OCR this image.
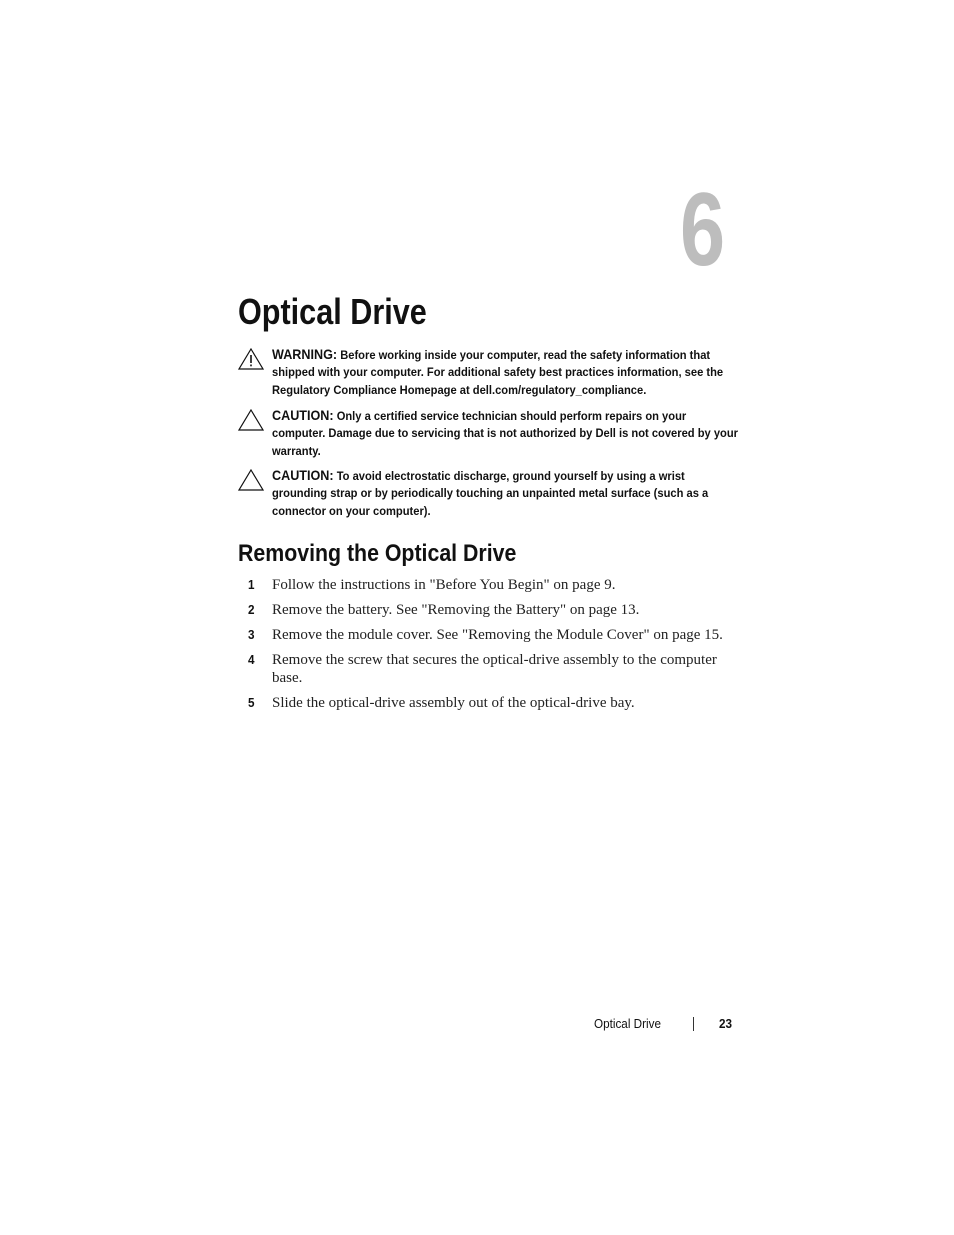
6
Optical Drive
WARNING: Before working inside your computer, read the safety information that shipped with your computer. For additional safety best practices information, see the Regulatory Compliance Homepage at dell.com/regulatory_compliance.
CAUTION: Only a certified service technician should perform repairs on your computer. Damage due to servicing that is not authorized by Dell is not covered by your warranty.
CAUTION: To avoid electrostatic discharge, ground yourself by using a wrist grounding strap or by periodically touching an unpainted metal surface (such as a connector on your computer).
Removing the Optical Drive
1 Follow the instructions in "Before You Begin" on page 9.
2 Remove the battery. See "Removing the Battery" on page 13.
3 Remove the module cover. See "Removing the Module Cover" on page 15.
4 Remove the screw that secures the optical-drive assembly to the computer base.
5 Slide the optical-drive assembly out of the optical-drive bay.
Optical Drive	23
